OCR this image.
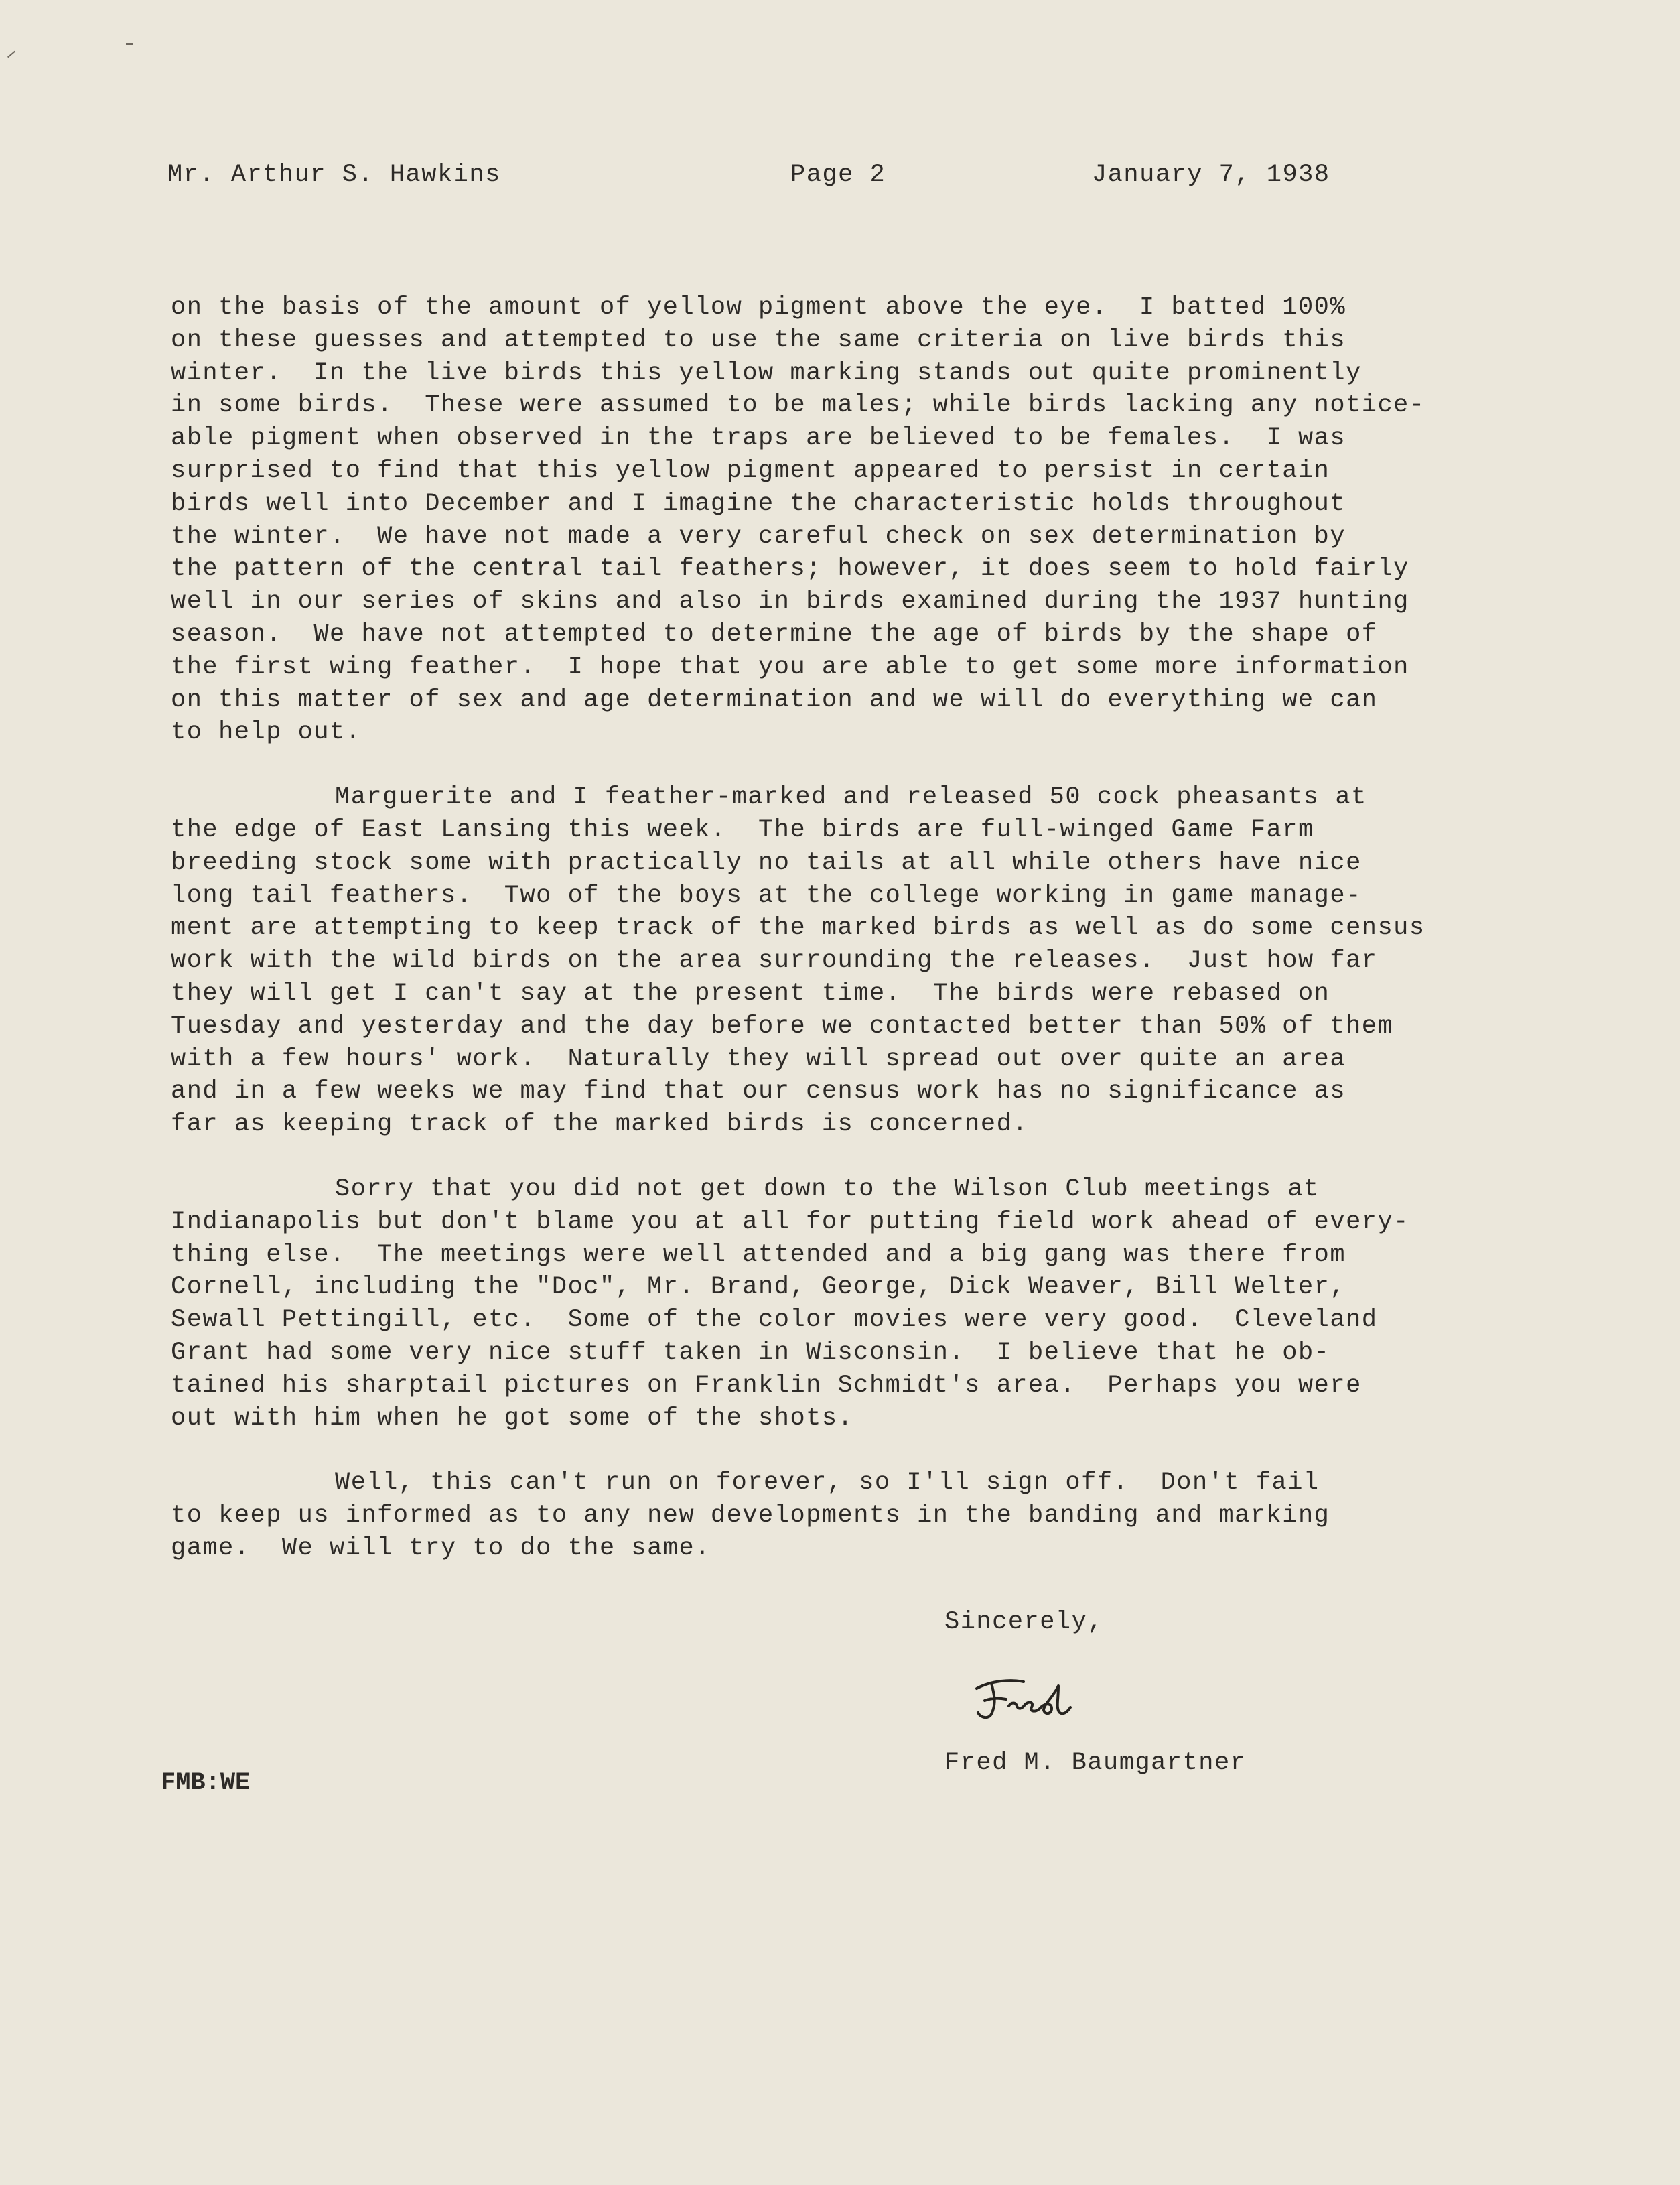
Mr. Arthur S. Hawkins	Page 2	January 7, 1938
on the basis of the amount of yellow pigment above the eye.  I batted 100%
on these guesses and attempted to use the same criteria on live birds this
winter.  In the live birds this yellow marking stands out quite prominently
in some birds.  These were assumed to be males; while birds lacking any notice-
able pigment when observed in the traps are believed to be females.  I was
surprised to find that this yellow pigment appeared to persist in certain
birds well into December and I imagine the characteristic holds throughout
the winter.  We have not made a very careful check on sex determination by
the pattern of the central tail feathers; however, it does seem to hold fairly
well in our series of skins and also in birds examined during the 1937 hunting
season.  We have not attempted to determine the age of birds by the shape of
the first wing feather.  I hope that you are able to get some more information
on this matter of sex and age determination and we will do everything we can
to help out.
Marguerite and I feather-marked and released 50 cock pheasants at
the edge of East Lansing this week.  The birds are full-winged Game Farm
breeding stock some with practically no tails at all while others have nice
long tail feathers.  Two of the boys at the college working in game manage-
ment are attempting to keep track of the marked birds as well as do some census
work with the wild birds on the area surrounding the releases.  Just how far
they will get I can't say at the present time.  The birds were rebased on
Tuesday and yesterday and the day before we contacted better than 50% of them
with a few hours' work.  Naturally they will spread out over quite an area
and in a few weeks we may find that our census work has no significance as
far as keeping track of the marked birds is concerned.
Sorry that you did not get down to the Wilson Club meetings at
Indianapolis but don't blame you at all for putting field work ahead of every-
thing else.  The meetings were well attended and a big gang was there from
Cornell, including the "Doc", Mr. Brand, George, Dick Weaver, Bill Welter,
Sewall Pettingill, etc.  Some of the color movies were very good.  Cleveland
Grant had some very nice stuff taken in Wisconsin.  I believe that he ob-
tained his sharptail pictures on Franklin Schmidt's area.  Perhaps you were
out with him when he got some of the shots.
Well, this can't run on forever, so I'll sign off.  Don't fail
to keep us informed as to any new developments in the banding and marking
game.  We will try to do the same.
Sincerely,
Fred M. Baumgartner
FMB:WE
